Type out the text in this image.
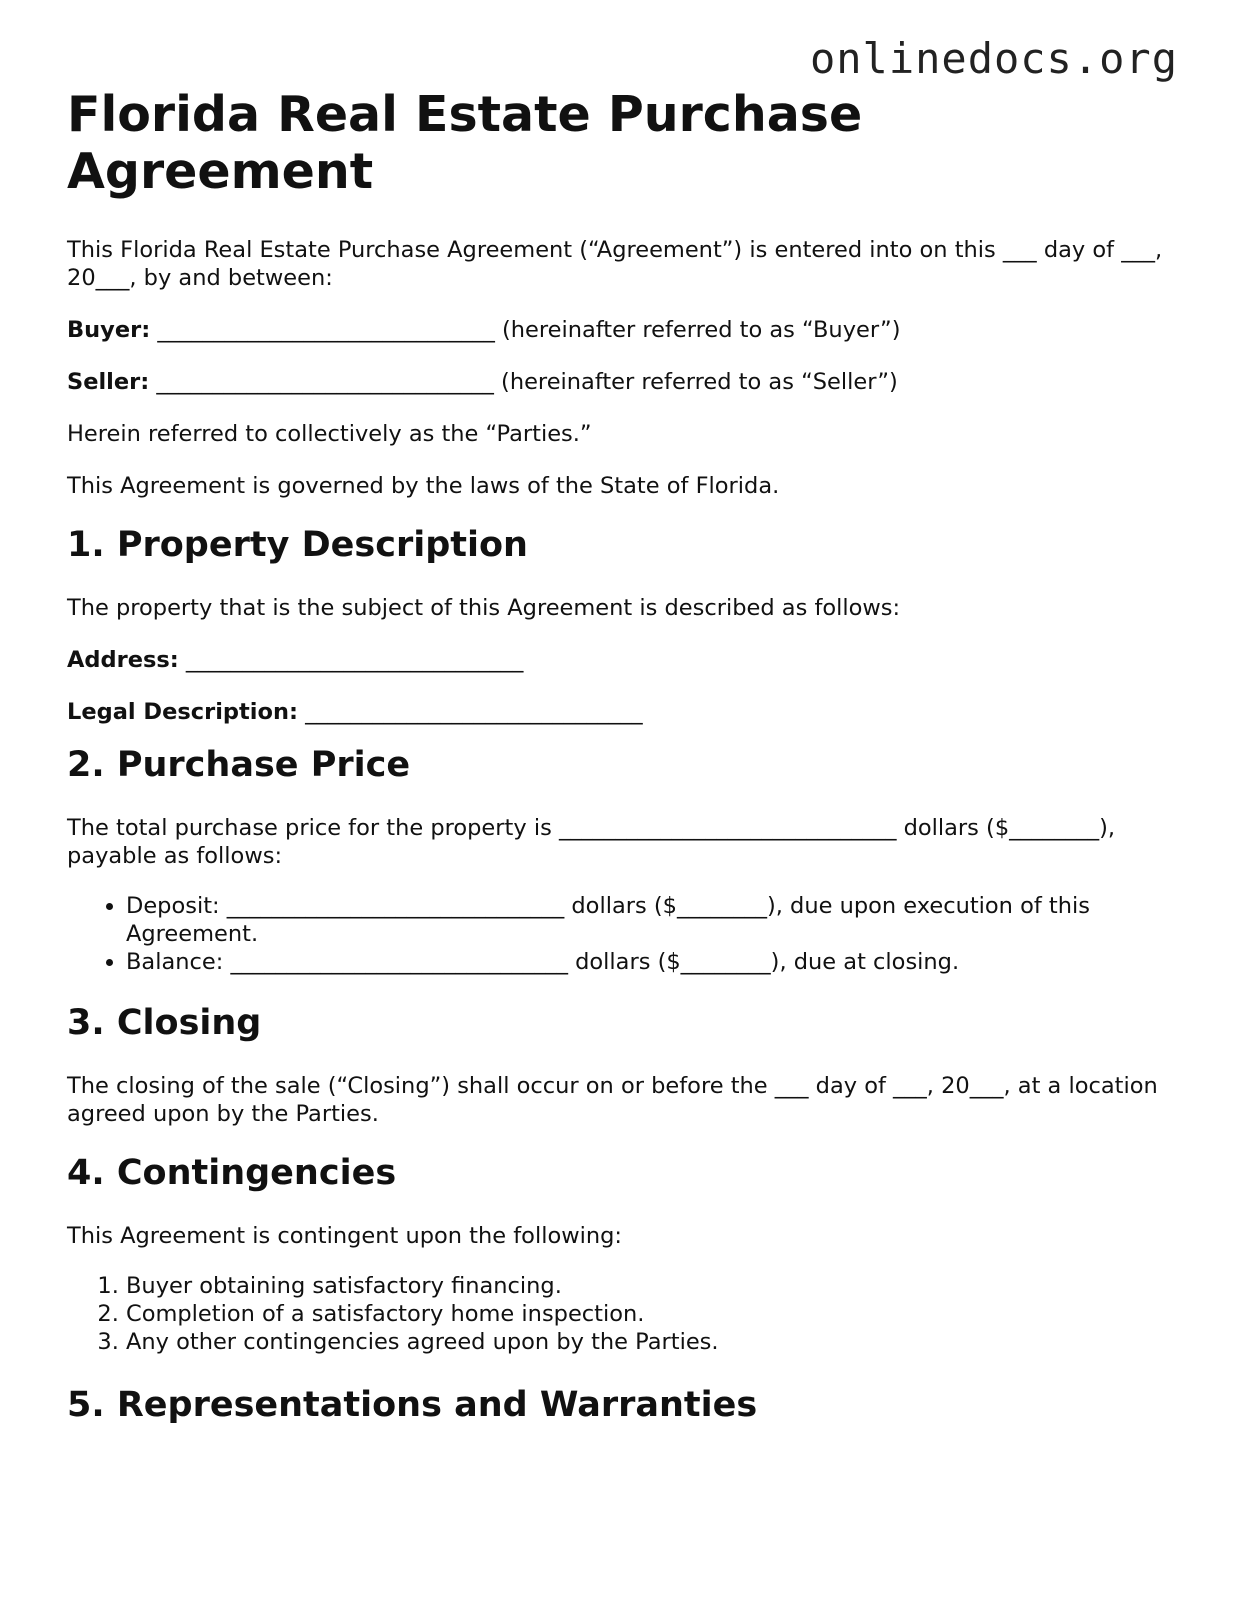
onlinedocs.org
Florida Real Estate Purchase Agreement

This Florida Real Estate Purchase Agreement (“Agreement”) is entered into on this ___ day of ___, 20___, by and between:

Buyer: ______________________________ (hereinafter referred to as “Buyer”)

Seller: ______________________________ (hereinafter referred to as “Seller”)

Herein referred to collectively as the “Parties.”

This Agreement is governed by the laws of the State of Florida.

1. Property Description

The property that is the subject of this Agreement is described as follows:

Address: ______________________________

Legal Description: ______________________________

2. Purchase Price

The total purchase price for the property is ______________________________ dollars ($________), payable as follows:

• Deposit: ______________________________ dollars ($________), due upon execution of this Agreement.
• Balance: ______________________________ dollars ($________), due at closing.
3. Closing

The closing of the sale (“Closing”) shall occur on or before the ___ day of ___, 20___, at a location agreed upon by the Parties.

4. Contingencies

This Agreement is contingent upon the following:

1. Buyer obtaining satisfactory financing.
2. Completion of a satisfactory home inspection.
3. Any other contingencies agreed upon by the Parties.
5. Representations and Warranties
